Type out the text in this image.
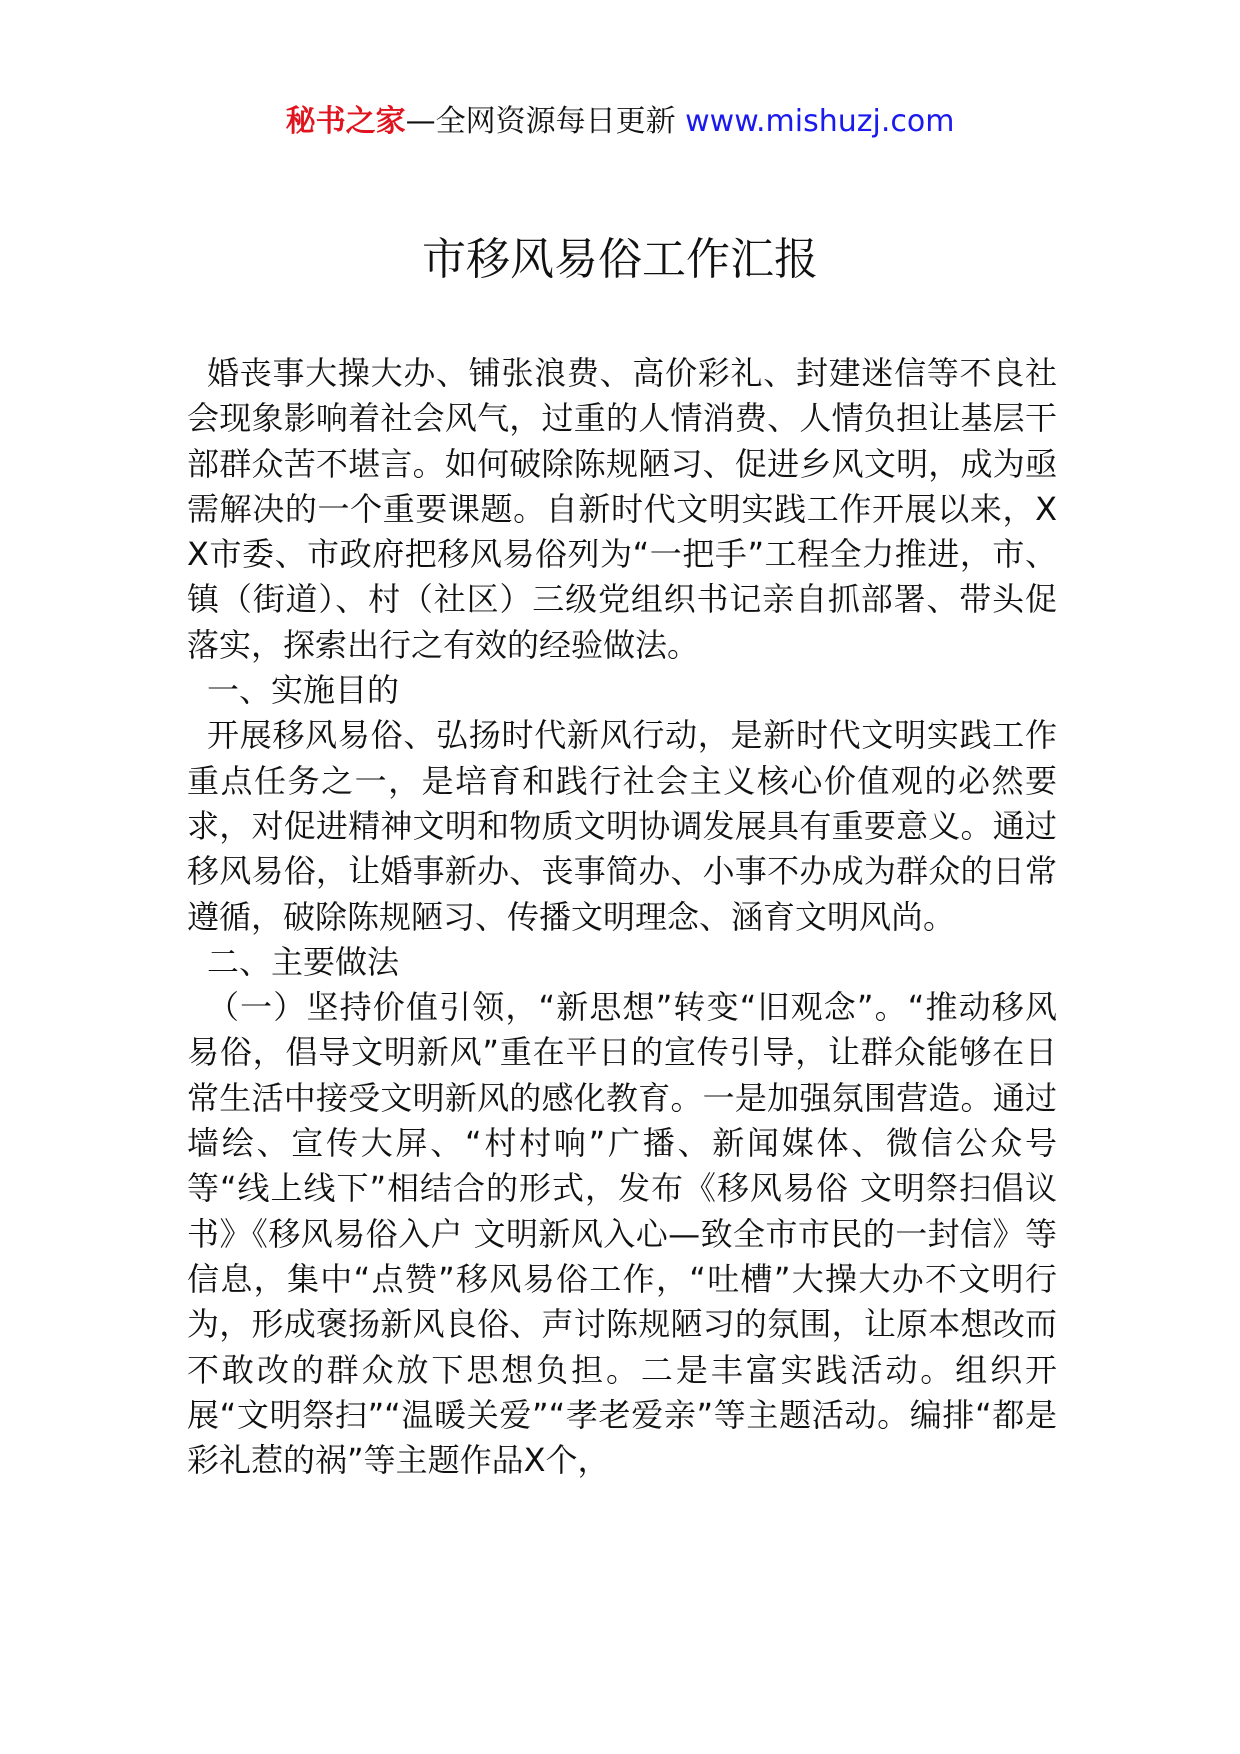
秘书之家—全网资源每日更新 www.mishuzj.com
市移风易俗工作汇报

婚丧事大操大办、铺张浪费、高价彩礼、封建迷信等不良社会现象影响着社会风气，过重的人情消费、人情负担让基层干部群众苦不堪言。如何破除陈规陋习、促进乡风文明，成为亟需解决的一个重要课题。自新时代文明实践工作开展以来，XX市委、市政府把移风易俗列为“一把手”工程全力推进，市、镇（街道）、村（社区）三级党组织书记亲自抓部署、带头促落实，探索出行之有效的经验做法。

一、实施目的

开展移风易俗、弘扬时代新风行动，是新时代文明实践工作重点任务之一，是培育和践行社会主义核心价值观的必然要求，对促进精神文明和物质文明协调发展具有重要意义。通过移风易俗，让婚事新办、丧事简办、小事不办成为群众的日常遵循，破除陈规陋习、传播文明理念、涵育文明风尚。

二、主要做法

（一）坚持价值引领，“新思想”转变“旧观念”。“推动移风易俗，倡导文明新风”重在平日的宣传引导，让群众能够在日常生活中接受文明新风的感化教育。一是加强氛围营造。通过墙绘、宣传大屏、“村村响”广播、新闻媒体、微信公众号等“线上线下”相结合的形式，发布《移风易俗 文明祭扫倡议书》《移风易俗入户 文明新风入心—致全市市民的一封信》等信息，集中“点赞”移风易俗工作，“吐槽”大操大办不文明行为，形成褒扬新风良俗、声讨陈规陋习的氛围，让原本想改而不敢改的群众放下思想负担。二是丰富实践活动。组织开展“文明祭扫”“温暖关爱”“孝老爱亲”等主题活动。编排“都是彩礼惹的祸”等主题作品X个，
